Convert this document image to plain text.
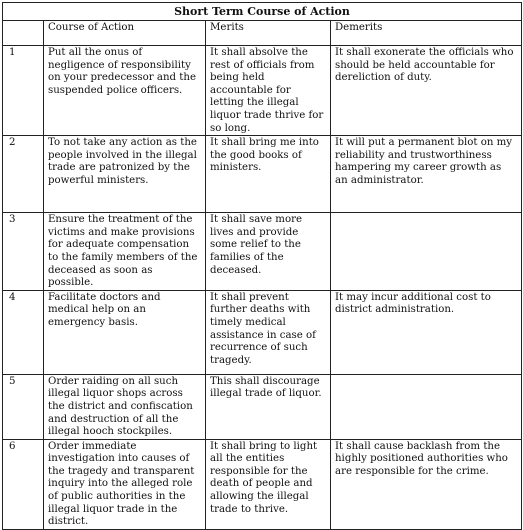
Short Term Course of Action			
	Course of Action	Merits	Demerits
1	Put all the onus of negligence of responsibility on your predecessor and the suspended police officers.	It shall absolve the rest of officials from being held accountable for letting the illegal liquor trade thrive for so long.	It shall exonerate the officials who should be held accountable for dereliction of duty.
2	To not take any action as the people involved in the illegal trade are patronized by the powerful ministers.	It shall bring me into the good books of ministers.	It will put a permanent blot on my reliability and trustworthiness hampering my career growth as an administrator.
3	Ensure the treatment of the victims and make provisions for adequate compensation to the family members of the deceased as soon as possible.	It shall save more lives and provide some relief to the families of the deceased.	
4	Facilitate doctors and medical help on an emergency basis.	It shall prevent further deaths with timely medical assistance in case of recurrence of such tragedy.	It may incur additional cost to district administration.
5	Order raiding on all such illegal liquor shops across the district and confiscation and destruction of all the illegal hooch stockpiles.	This shall discourage illegal trade of liquor.	
6	Order immediate investigation into causes of the tragedy and transparent inquiry into the alleged role of public authorities in the illegal liquor trade in the district.	It shall bring to light all the entities responsible for the death of people and allowing the illegal trade to thrive.	It shall cause backlash from the highly positioned authorities who are responsible for the crime.
